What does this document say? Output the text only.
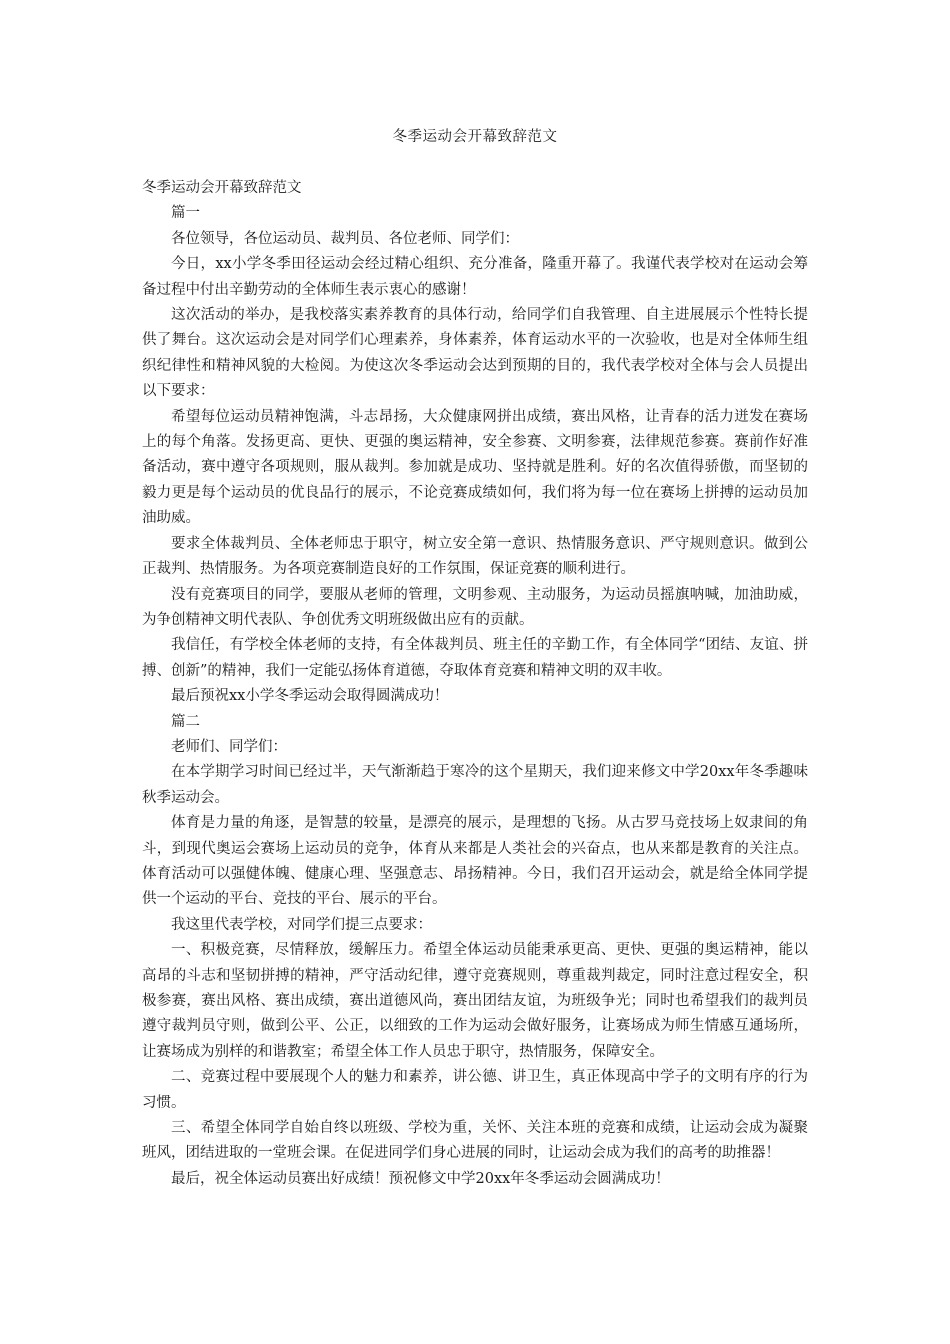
冬季运动会开幕致辞范文

冬季运动会开幕致辞范文

篇一

各位领导，各位运动员、裁判员、各位老师、同学们：

今日，xx小学冬季田径运动会经过精心组织、充分准备，隆重开幕了。我谨代表学校对在运动会筹备过程中付出辛勤劳动的全体师生表示衷心的感谢！

这次活动的举办，是我校落实素养教育的具体行动，给同学们自我管理、自主进展展示个性特长提供了舞台。这次运动会是对同学们心理素养，身体素养，体育运动水平的一次验收，也是对全体师生组织纪律性和精神风貌的大检阅。为使这次冬季运动会达到预期的目的，我代表学校对全体与会人员提出以下要求：

希望每位运动员精神饱满，斗志昂扬，大众健康网拼出成绩，赛出风格，让青春的活力迸发在赛场上的每个角落。发扬更高、更快、更强的奥运精神，安全参赛、文明参赛，法律规范参赛。赛前作好准备活动，赛中遵守各项规则，服从裁判。参加就是成功、坚持就是胜利。好的名次值得骄傲，而坚韧的毅力更是每个运动员的优良品行的展示，不论竞赛成绩如何，我们将为每一位在赛场上拼搏的运动员加油助威。

要求全体裁判员、全体老师忠于职守，树立安全第一意识、热情服务意识、严守规则意识。做到公正裁判、热情服务。为各项竞赛制造良好的工作氛围，保证竞赛的顺利进行。

没有竞赛项目的同学，要服从老师的管理，文明参观、主动服务，为运动员摇旗呐喊，加油助威，为争创精神文明代表队、争创优秀文明班级做出应有的贡献。

我信任，有学校全体老师的支持，有全体裁判员、班主任的辛勤工作，有全体同学“团结、友谊、拼搏、创新”的精神，我们一定能弘扬体育道德，夺取体育竞赛和精神文明的双丰收。

最后预祝xx小学冬季运动会取得圆满成功！

篇二

老师们、同学们：

在本学期学习时间已经过半，天气渐渐趋于寒冷的这个星期天，我们迎来修文中学20xx年冬季趣味秋季运动会。

体育是力量的角逐，是智慧的较量，是漂亮的展示，是理想的飞扬。从古罗马竞技场上奴隶间的角斗，到现代奥运会赛场上运动员的竞争，体育从来都是人类社会的兴奋点，也从来都是教育的关注点。体育活动可以强健体魄、健康心理、坚强意志、昂扬精神。今日，我们召开运动会，就是给全体同学提供一个运动的平台、竞技的平台、展示的平台。

我这里代表学校，对同学们提三点要求：

一、积极竞赛，尽情释放，缓解压力。希望全体运动员能秉承更高、更快、更强的奥运精神，能以高昂的斗志和坚韧拼搏的精神，严守活动纪律，遵守竞赛规则，尊重裁判裁定，同时注意过程安全，积极参赛，赛出风格、赛出成绩，赛出道德风尚，赛出团结友谊，为班级争光；同时也希望我们的裁判员遵守裁判员守则，做到公平、公正，以细致的工作为运动会做好服务，让赛场成为师生情感互通场所，让赛场成为别样的和谐教室；希望全体工作人员忠于职守，热情服务，保障安全。

二、竞赛过程中要展现个人的魅力和素养，讲公德、讲卫生，真正体现高中学子的文明有序的行为习惯。

三、希望全体同学自始自终以班级、学校为重，关怀、关注本班的竞赛和成绩，让运动会成为凝聚班风，团结进取的一堂班会课。在促进同学们身心进展的同时，让运动会成为我们的高考的助推器！

最后，祝全体运动员赛出好成绩！预祝修文中学20xx年冬季运动会圆满成功！
